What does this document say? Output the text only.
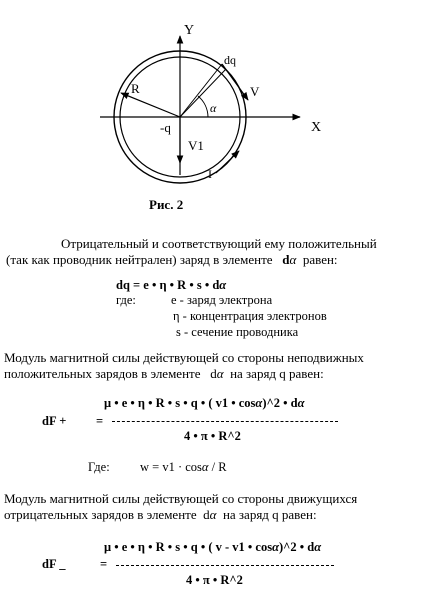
Y
X
dq
V
R
-q
V1
I
α
Рис. 2
Отрицательный и соответствующий ему положительный
(так как проводник нейтрален) заряд в элементе dα равен:
dq = e • η • R • s • dα
где:	е - заряд электрона
η - концентрация электронов
s - сечение проводника
Модуль магнитной силы действующей со стороны неподвижных
положительных зарядов в элементе dα на заряд q равен:
μ • e • η • R • s • q • ( v1 • cosα)^2 • dα
dF + =
4 • π • R^2
Где: w = v1 · cosα / R
Модуль магнитной силы действующей со стороны движущихся
отрицательных зарядов в элементе dα на заряд q равен:
μ • e • η • R • s • q • ( v - v1 • cosα)^2 • dα
dF _	=
4 • π • R^2
